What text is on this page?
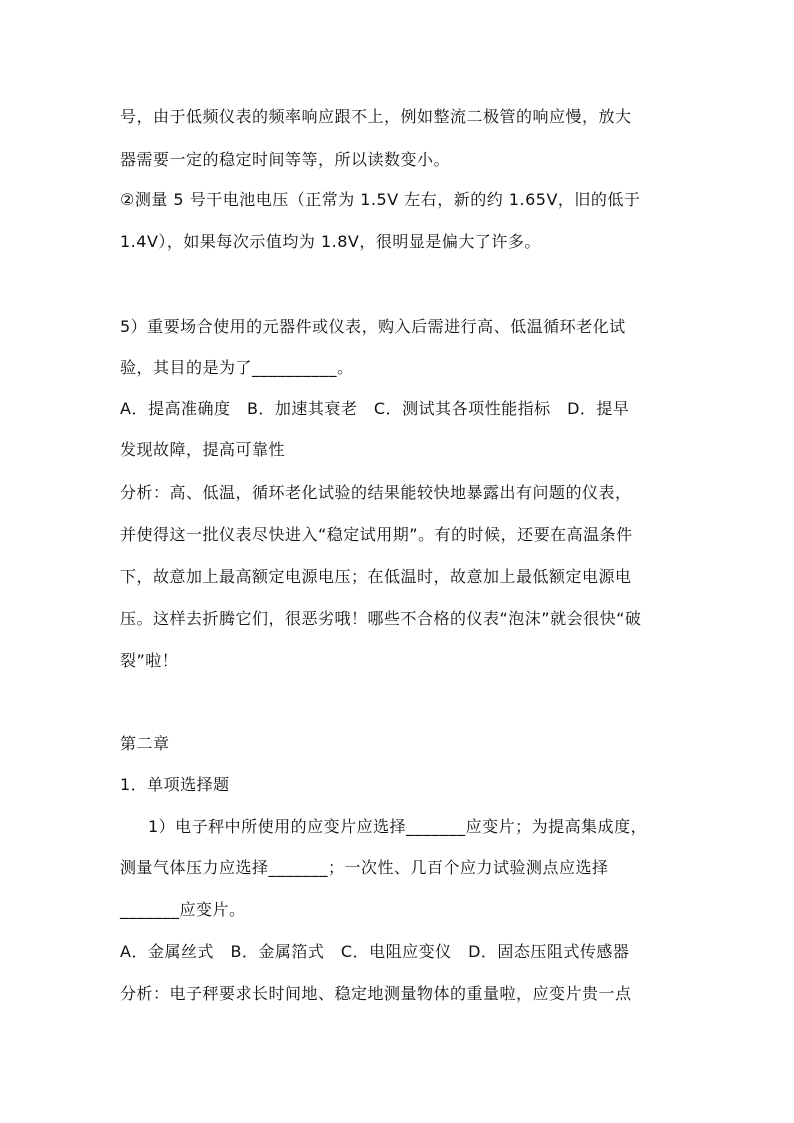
号，由于低频仪表的频率响应跟不上，例如整流二极管的响应慢，放大
器需要一定的稳定时间等等，所以读数变小。
②测量 5 号干电池电压（正常为 1.5V 左右，新的约 1.65V，旧的低于
1.4V），如果每次示值均为 1.8V，很明显是偏大了许多。
5）重要场合使用的元器件或仪表，购入后需进行高、低温循环老化试
验，其目的是为了__________。
A．提高准确度　B．加速其衰老　C．测试其各项性能指标　D．提早
发现故障，提高可靠性
分析：高、低温，循环老化试验的结果能较快地暴露出有问题的仪表，
并使得这一批仪表尽快进入“稳定试用期”。有的时候，还要在高温条件
下，故意加上最高额定电源电压；在低温时，故意加上最低额定电源电
压。这样去折腾它们，很恶劣哦！哪些不合格的仪表“泡沫”就会很快“破
裂”啦！
第二章
1．单项选择题
1）电子秤中所使用的应变片应选择_______应变片；为提高集成度，
测量气体压力应选择_______；一次性、几百个应力试验测点应选择
_______应变片。
A．金属丝式　B．金属箔式　C．电阻应变仪　D．固态压阻式传感器
分析：电子秤要求长时间地、稳定地测量物体的重量啦，应变片贵一点
